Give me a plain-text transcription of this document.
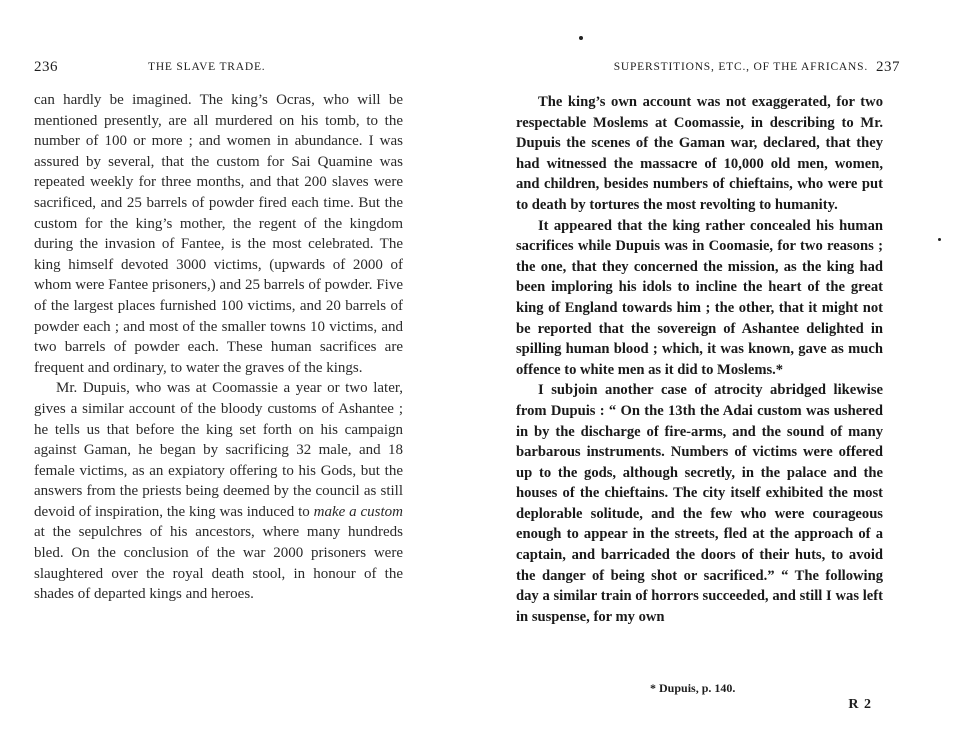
236	THE SLAVE TRADE.

can hardly be imagined. The king’s Ocras, who will be mentioned presently, are all murdered on his tomb, to the number of 100 or more ; and women in abundance. I was assured by several, that the custom for Sai Quamine was repeated weekly for three months, and that 200 slaves were sacrificed, and 25 barrels of powder fired each time. But the custom for the king’s mother, the regent of the kingdom during the invasion of Fantee, is the most celebrated. The king himself devoted 3000 victims, (upwards of 2000 of whom were Fantee prisoners,) and 25 barrels of powder. Five of the largest places furnished 100 victims, and 20 barrels of powder each ; and most of the smaller towns 10 victims, and two barrels of powder each. These human sacrifices are frequent and ordinary, to water the graves of the kings.

Mr. Dupuis, who was at Coomassie a year or two later, gives a similar account of the bloody customs of Ashantee ; he tells us that before the king set forth on his campaign against Gaman, he began by sacrificing 32 male, and 18 female victims, as an expiatory offering to his Gods, but the answers from the priests being deemed by the council as still devoid of inspiration, the king was induced to make a custom at the sepulchres of his ancestors, where many hundreds bled. On the conclusion of the war 2000 prisoners were slaughtered over the royal death stool, in honour of the shades of departed kings and heroes.

SUPERSTITIONS, ETC., OF THE AFRICANS. 237

The king’s own account was not exaggerated, for two respectable Moslems at Coomassie, in describing to Mr. Dupuis the scenes of the Gaman war, declared, that they had witnessed the massacre of 10,000 old men, women, and children, besides numbers of chieftains, who were put to death by tortures the most revolting to humanity.

It appeared that the king rather concealed his human sacrifices while Dupuis was in Coomasie, for two reasons ; the one, that they concerned the mission, as the king had been imploring his idols to incline the heart of the great king of England towards him ; the other, that it might not be reported that the sovereign of Ashantee delighted in spilling human blood ; which, it was known, gave as much offence to white men as it did to Moslems.*

I subjoin another case of atrocity abridged likewise from Dupuis : “ On the 13th the Adai custom was ushered in by the discharge of fire-arms, and the sound of many barbarous instruments. Numbers of victims were offered up to the gods, although secretly, in the palace and the houses of the chieftains. The city itself exhibited the most deplorable solitude, and the few who were courageous enough to appear in the streets, fled at the approach of a captain, and barricaded the doors of their huts, to avoid the danger of being shot or sacrificed.” “ The following day a similar train of horrors succeeded, and still I was left in suspense, for my own

* Dupuis, p. 140.
R 2
